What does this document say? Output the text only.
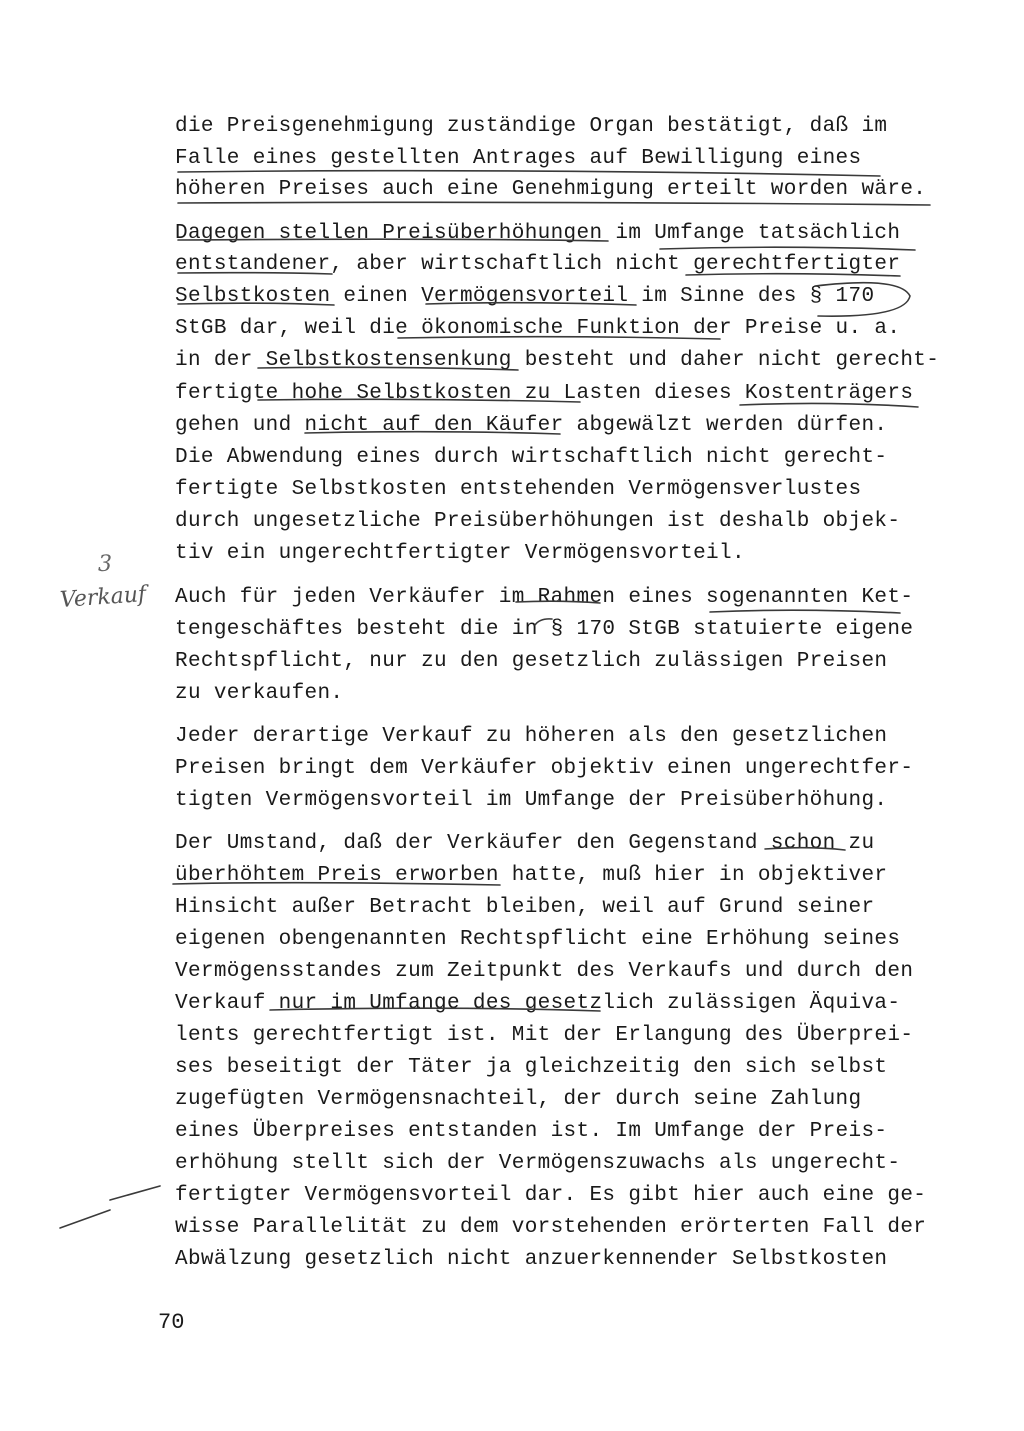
3
Verkauf
die Preisgenehmigung zuständige Organ bestätigt, daß im
Falle eines gestellten Antrages auf Bewilligung eines
höheren Preises auch eine Genehmigung erteilt worden wäre.
Dagegen stellen Preisüberhöhungen im Umfange tatsächlich
entstandener, aber wirtschaftlich nicht gerechtfertigter
Selbstkosten einen Vermögensvorteil im Sinne des § 170
StGB dar, weil die ökonomische Funktion der Preise u. a.
in der Selbstkostensenkung besteht und daher nicht gerecht-
fertigte hohe Selbstkosten zu Lasten dieses Kostenträgers
gehen und nicht auf den Käufer abgewälzt werden dürfen.
Die Abwendung eines durch wirtschaftlich nicht gerecht-
fertigte Selbstkosten entstehenden Vermögensverlustes
durch ungesetzliche Preisüberhöhungen ist deshalb objek-
tiv ein ungerechtfertigter Vermögensvorteil.
Auch für jeden Verkäufer im Rahmen eines sogenannten Ket-
tengeschäftes besteht die in § 170 StGB statuierte eigene
Rechtspflicht, nur zu den gesetzlich zulässigen Preisen
zu verkaufen.
Jeder derartige Verkauf zu höheren als den gesetzlichen
Preisen bringt dem Verkäufer objektiv einen ungerechtfer-
tigten Vermögensvorteil im Umfange der Preisüberhöhung.
Der Umstand, daß der Verkäufer den Gegenstand schon zu
überhöhtem Preis erworben hatte, muß hier in objektiver
Hinsicht außer Betracht bleiben, weil auf Grund seiner
eigenen obengenannten Rechtspflicht eine Erhöhung seines
Vermögensstandes zum Zeitpunkt des Verkaufs und durch den
Verkauf nur im Umfange des gesetzlich zulässigen Äquiva-
lents gerechtfertigt ist. Mit der Erlangung des Überprei-
ses beseitigt der Täter ja gleichzeitig den sich selbst
zugefügten Vermögensnachteil, der durch seine Zahlung
eines Überpreises entstanden ist. Im Umfange der Preis-
erhöhung stellt sich der Vermögenszuwachs als ungerecht-
fertigter Vermögensvorteil dar. Es gibt hier auch eine ge-
wisse Parallelität zu dem vorstehenden erörterten Fall der
Abwälzung gesetzlich nicht anzuerkennender Selbstkosten
70
